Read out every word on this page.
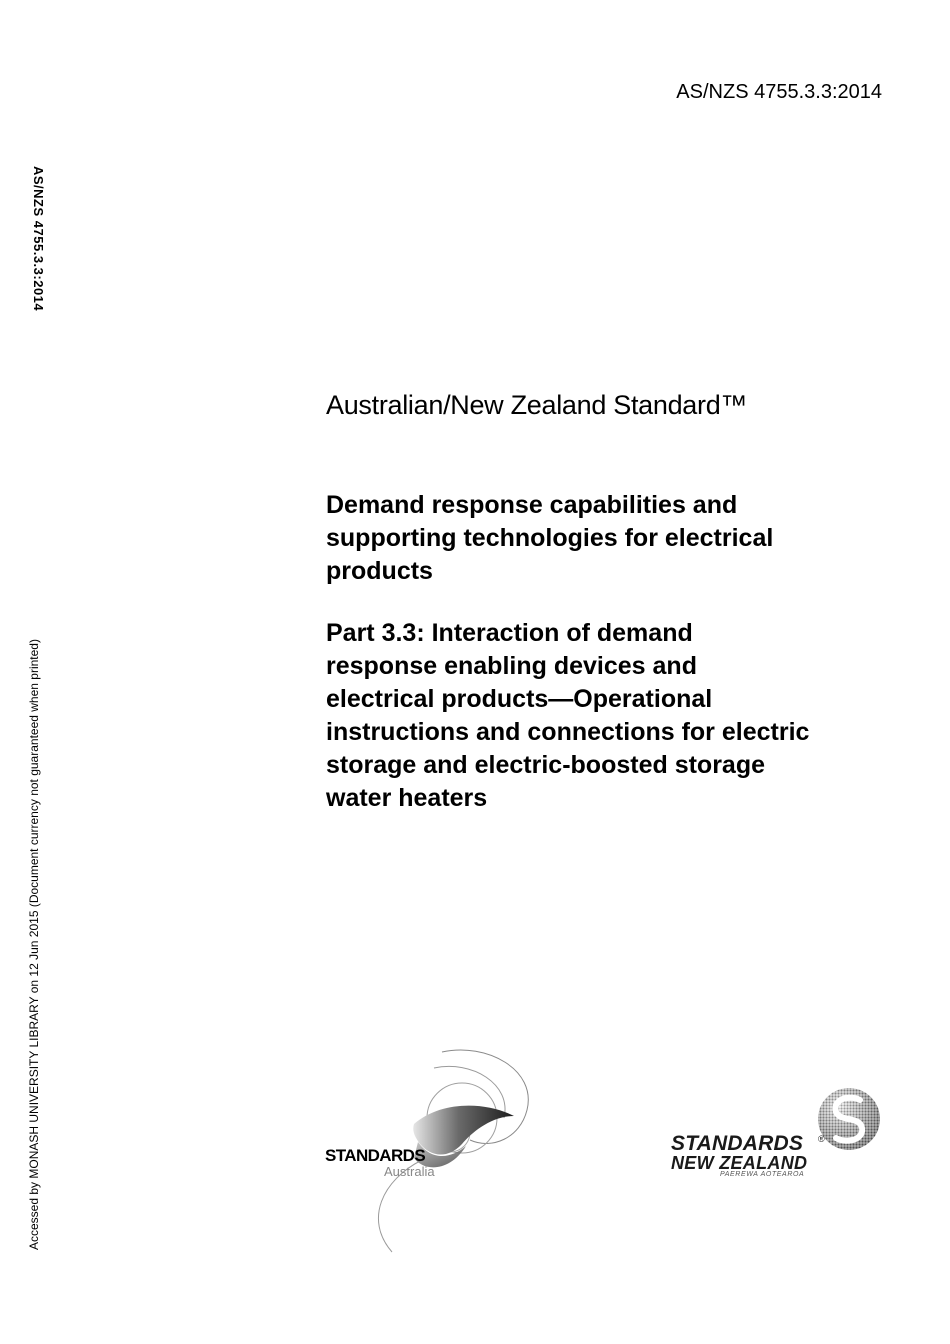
AS/NZS 4755.3.3:2014
AS/NZS 4755.3.3:2014
Accessed by MONASH UNIVERSITY LIBRARY on 12 Jun 2015 (Document currency not guaranteed when printed)
Australian/New Zealand Standard™
Demand response capabilities and
supporting technologies for electrical
products
Part 3.3: Interaction of demand
response enabling devices and
electrical products—Operational
instructions and connections for electric
storage and electric-boosted storage
water heaters
STANDARDS
Australia
STANDARDS ®
NEW ZEALAND
PAEREWA AOTEAROA
